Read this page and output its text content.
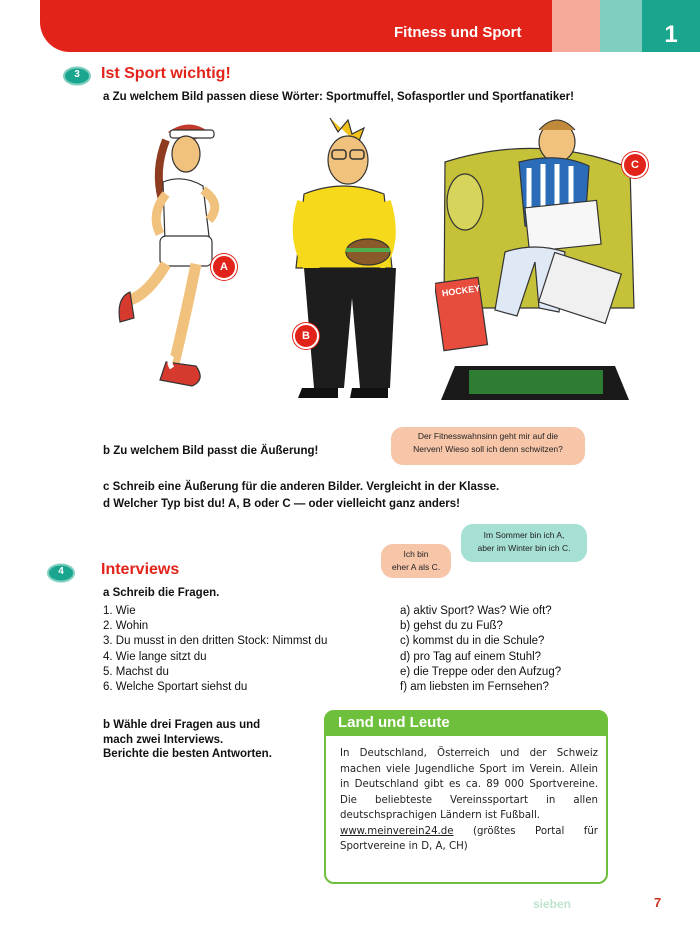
Fitness und Sport	1
3 Ist Sport wichtig!
a Zu welchem Bild passen diese Wörter: Sportmuffel, Sofasportler und Sportfanatiker!
A
B
HOCKEY
C
b Zu welchem Bild passt die Äußerung!
Der Fitnesswahnsinn geht mir auf die
Nerven! Wieso soll ich denn schwitzen?
c Schreib eine Äußerung für die anderen Bilder. Vergleicht in der Klasse.
d Welcher Typ bist du! A, B oder C — oder vielleicht ganz anders!
Ich bin
eher A als C.
Im Sommer bin ich A,
aber im Winter bin ich C.
4 Interviews
a Schreib die Fragen.
1. Wie
2. Wohin
3. Du musst in den dritten Stock: Nimmst du
4. Wie lange sitzt du
5. Machst du
6. Welche Sportart siehst du
a) aktiv Sport? Was? Wie oft?
b) gehst du zu Fuß?
c) kommst du in die Schule?
d) pro Tag auf einem Stuhl?
e) die Treppe oder den Aufzug?
f) am liebsten im Fernsehen?
b Wähle drei Fragen aus und
mach zwei Interviews.
Berichte die besten Antworten.
Land und Leute
In Deutschland, Österreich und der Schweiz machen viele Jugendliche Sport im Verein. Allein in Deutschland gibt es ca. 89 000 Sportvereine. Die beliebteste Vereinssportart in allen deutschsprachigen Ländern ist Fußball.
www.meinverein24.de (größtes Portal für Sportvereine in D, A, CH)
sieben	7
